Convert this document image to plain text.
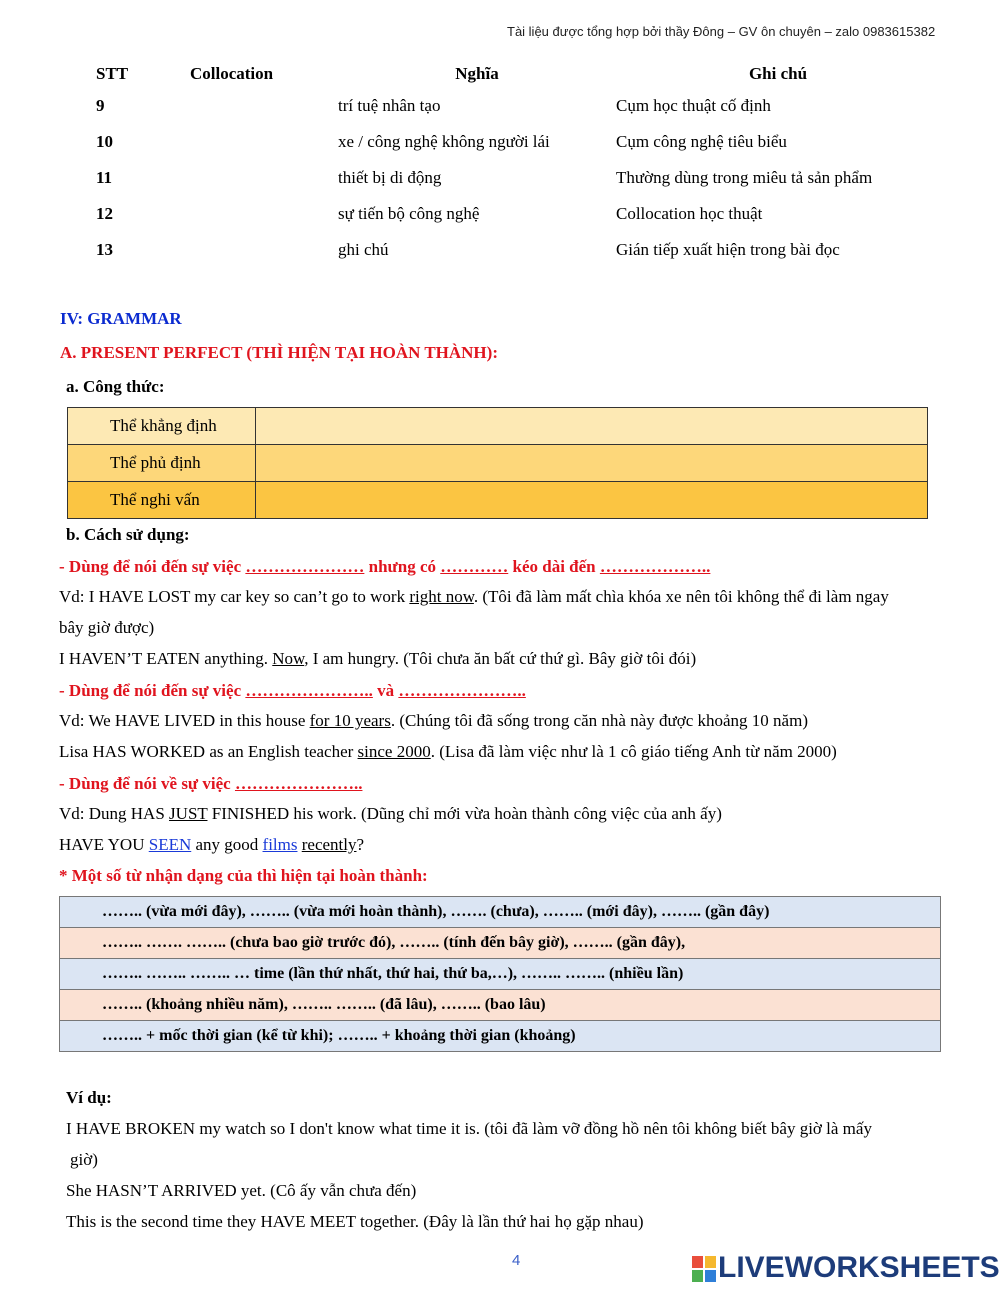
Tài liệu được tổng hợp bởi thầy Đông – GV ôn chuyên – zalo 0983615382
STT	Collocation	Nghĩa	Ghi chú
9		trí tuệ nhân tạo	Cụm học thuật cố định
10		xe / công nghệ không người lái	Cụm công nghệ tiêu biểu
11		thiết bị di động	Thường dùng trong miêu tả sản phẩm
12		sự tiến bộ công nghệ	Collocation học thuật
13		ghi chú	Gián tiếp xuất hiện trong bài đọc
IV: GRAMMAR
A. PRESENT PERFECT (THÌ HIỆN TẠI HOÀN THÀNH):
a. Công thức:
Thể khẳng định	
Thể phủ định	
Thể nghi vấn	
b. Cách sử dụng:
- Dùng để nói đến sự việc ………………… nhưng có ………… kéo dài đến ………………..
Vd: I HAVE LOST my car key so can’t go to work right now. (Tôi đã làm mất chìa khóa xe nên tôi không thể đi làm ngay
bây giờ được)
I HAVEN’T EATEN anything. Now, I am hungry. (Tôi chưa ăn bất cứ thứ gì. Bây giờ tôi đói)
- Dùng để nói đến sự việc ………………….. và …………………..
Vd: We HAVE LIVED in this house for 10 years. (Chúng tôi đã sống trong căn nhà này được khoảng 10 năm)
Lisa HAS WORKED as an English teacher since 2000. (Lisa đã làm việc như là 1 cô giáo tiếng Anh từ năm 2000)
- Dùng để nói về sự việc …………………..
Vd: Dung HAS JUST FINISHED his work. (Dũng chỉ mới vừa hoàn thành công việc của anh ấy)
HAVE YOU SEEN any good films recently?
* Một số từ nhận dạng của thì hiện tại hoàn thành:
…….. (vừa mới đây), …….. (vừa mới hoàn thành), ……. (chưa), …….. (mới đây), …….. (gần đây)
…….. ……. …….. (chưa bao giờ trước đó), …….. (tính đến bây giờ), …….. (gần đây),
…….. …….. …….. … time (lần thứ nhất, thứ hai, thứ ba,…), …….. …….. (nhiều lần)
…….. (khoảng nhiều năm), …….. …….. (đã lâu), …….. (bao lâu)
…….. + mốc thời gian (kể từ khi); …….. + khoảng thời gian (khoảng)
Ví dụ:
I HAVE BROKEN my watch so I don't know what time it is. (tôi đã làm vỡ đồng hồ nên tôi không biết bây giờ là mấy
giờ)
She HASN’T ARRIVED yet. (Cô ấy vẫn chưa đến)
This is the second time they HAVE MEET together. (Đây là lần thứ hai họ gặp nhau)
4	LIVEWORKSHEETS
